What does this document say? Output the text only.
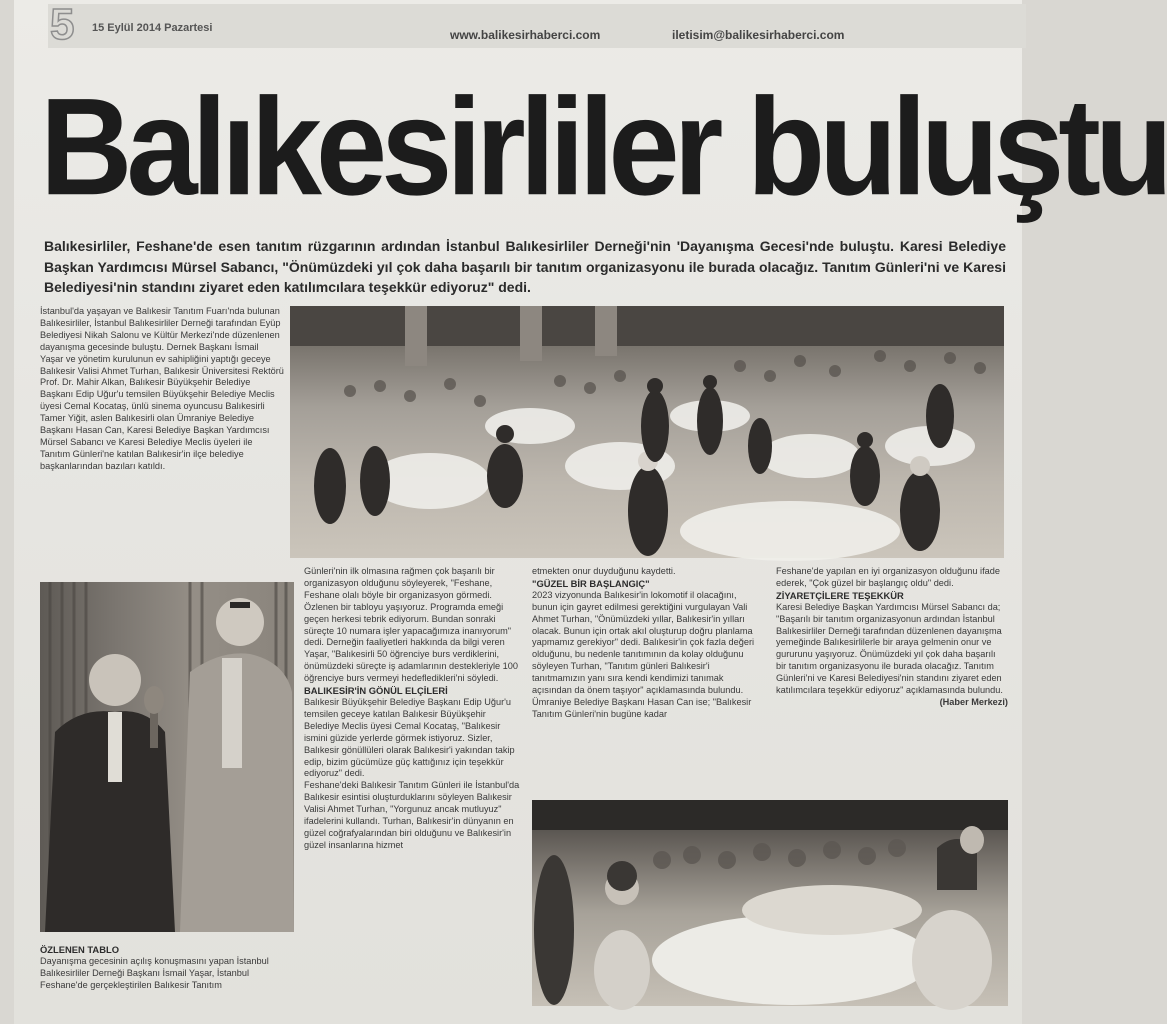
5 15 Eylül 2014 Pazartesi	www.balikesirhaberci.com	iletisim@balikesirhaberci.com
Balıkesirliler buluştu
Balıkesirliler, Feshane'de esen tanıtım rüzgarının ardından İstanbul Balıkesirliler Derneği'nin 'Dayanışma Gecesi'nde buluştu. Karesi Belediye Başkan Yardımcısı Mürsel Sabancı, "Önümüzdeki yıl çok daha başarılı bir tanıtım organizasyonu ile burada olacağız. Tanıtım Günleri'ni ve Karesi Belediyesi'nin standını ziyaret eden katılımcılara teşekkür ediyoruz" dedi.

İstanbul'da yaşayan ve Balıkesir Tanıtım Fuarı'nda bulunan Balıkesirliler, İstanbul Balıkesirliler Derneği tarafından Eyüp Belediyesi Nikah Salonu ve Kültür Merkezi'nde düzenlenen dayanışma gecesinde buluştu. Dernek Başkanı İsmail Yaşar ve yönetim kurulunun ev sahipliğini yaptığı geceye Balıkesir Valisi Ahmet Turhan, Balıkesir Üniversitesi Rektörü Prof. Dr. Mahir Alkan, Balıkesir Büyükşehir Belediye Başkanı Edip Uğur'u temsilen Büyükşehir Belediye Meclis üyesi Cemal Kocataş, ünlü sinema oyuncusu Balıkesirli Tamer Yiğit, aslen Balıkesirli olan Ümraniye Belediye Başkanı Hasan Can, Karesi Belediye Başkan Yardımcısı Mürsel Sabancı ve Karesi Belediye Meclis üyeleri ile Tanıtım Günleri'ne katılan Balıkesir'in ilçe belediye başkanlarından bazıları katıldı.

ÖZLENEN TABLO

Dayanışma gecesinin açılış konuşmasını yapan İstanbul Balıkesirliler Derneği Başkanı İsmail Yaşar, İstanbul Feshane'de gerçekleştirilen Balıkesir Tanıtım

Günleri'nin ilk olmasına rağmen çok başarılı bir organizasyon olduğunu söyleyerek, "Feshane, Feshane olalı böyle bir organizasyon görmedi. Özlenen bir tabloyu yaşıyoruz. Programda emeği geçen herkesi tebrik ediyorum. Bundan sonraki süreçte 10 numara işler yapacağımıza inanıyorum" dedi. Derneğin faaliyetleri hakkında da bilgi veren Yaşar, "Balıkesirli 50 öğrenciye burs verdiklerini, önümüzdeki süreçte iş adamlarının destekleriyle 100 öğrenciye burs vermeyi hedefledikleri'ni söyledi.

BALIKESİR'İN GÖNÜL ELÇİLERİ

Balıkesir Büyükşehir Belediye Başkanı Edip Uğur'u temsilen geceye katılan Balıkesir Büyükşehir Belediye Meclis üyesi Cemal Kocataş, "Balıkesir ismini güzide yerlerde görmek istiyoruz. Sizler, Balıkesir gönüllüleri olarak Balıkesir'i yakından takip edip, bizim gücümüze güç kattığınız için teşekkür ediyoruz" dedi.

Feshane'deki Balıkesir Tanıtım Günleri ile İstanbul'da Balıkesir esintisi oluşturduklarını söyleyen Balıkesir Valisi Ahmet Turhan, "Yorgunuz ancak mutluyuz" ifadelerini kullandı. Turhan, Balıkesir'in dünyanın en güzel coğrafyalarından biri olduğunu ve Balıkesir'in güzel insanlarına hizmet

etmekten onur duyduğunu kaydetti.

"GÜZEL BİR BAŞLANGIÇ"

2023 vizyonunda Balıkesir'in lokomotif il olacağını, bunun için gayret edilmesi gerektiğini vurgulayan Vali Ahmet Turhan, "Önümüzdeki yıllar, Balıkesir'in yılları olacak. Bunun için ortak akıl oluşturup doğru planlama yapmamız gerekiyor" dedi. Balıkesir'in çok fazla değeri olduğunu, bu nedenle tanıtımının da kolay olduğunu söyleyen Turhan, "Tanıtım günleri Balıkesir'i tanıtmamızın yanı sıra kendi kendimizi tanımak açısından da önem taşıyor" açıklamasında bulundu.

Ümraniye Belediye Başkanı Hasan Can ise; "Balıkesir Tanıtım Günleri'nin bugüne kadar

Feshane'de yapılan en iyi organizasyon olduğunu ifade ederek, "Çok güzel bir başlangıç oldu" dedi.

ZİYARETÇİLERE TEŞEKKÜR

Karesi Belediye Başkan Yardımcısı Mürsel Sabancı da; "Başarılı bir tanıtım organizasyonun ardından İstanbul Balıkesirliler Derneği tarafından düzenlenen dayanışma yemeğinde Balıkesirlilerle bir araya gelmenin onur ve gururunu yaşıyoruz. Önümüzdeki yıl çok daha başarılı bir tanıtım organizasyonu ile burada olacağız. Tanıtım Günleri'ni ve Karesi Belediyesi'nin standını ziyaret eden katılımcılara teşekkür ediyoruz" açıklamasında bulundu.

(Haber Merkezi)
